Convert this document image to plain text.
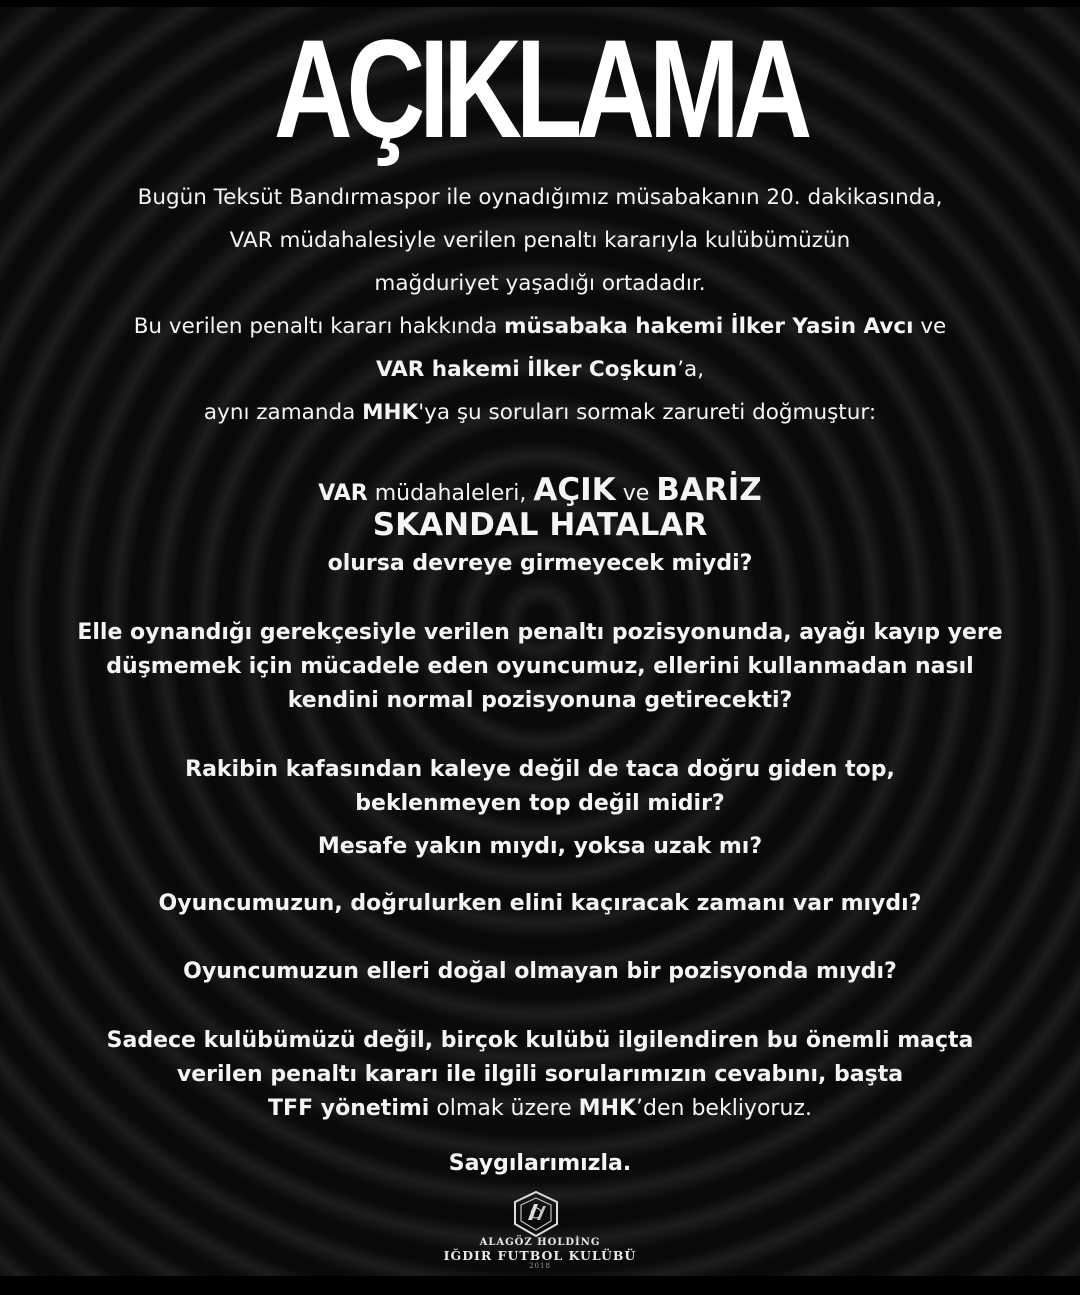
AÇIKLAMA
Bugün Teksüt Bandırmaspor ile oynadığımız müsabakanın 20. dakikasında,
VAR müdahalesiyle verilen penaltı kararıyla kulübümüzün
mağduriyet yaşadığı ortadadır.
Bu verilen penaltı kararı hakkında müsabaka hakemi İlker Yasin Avcı ve
VAR hakemi İlker Coşkun’a,
aynı zamanda MHK'ya şu soruları sormak zarureti doğmuştur:
VAR müdahaleleri, AÇIK ve BARİZ
SKANDAL HATALAR
olursa devreye girmeyecek miydi?
Elle oynandığı gerekçesiyle verilen penaltı pozisyonunda, ayağı kayıp yere
düşmemek için mücadele eden oyuncumuz, ellerini kullanmadan nasıl
kendini normal pozisyonuna getirecekti?
Rakibin kafasından kaleye değil de taca doğru giden top,
beklenmeyen top değil midir?
Mesafe yakın mıydı, yoksa uzak mı?
Oyuncumuzun, doğrulurken elini kaçıracak zamanı var mıydı?
Oyuncumuzun elleri doğal olmayan bir pozisyonda mıydı?
Sadece kulübümüzü değil, birçok kulübü ilgilendiren bu önemli maçta
verilen penaltı kararı ile ilgili sorularımızın cevabını, başta
TFF yönetimi olmak üzere MHK’den bekliyoruz.
Saygılarımızla.
ALAGÖZ HOLDİNG
IĞDIR FUTBOL KULÜBÜ
2018
